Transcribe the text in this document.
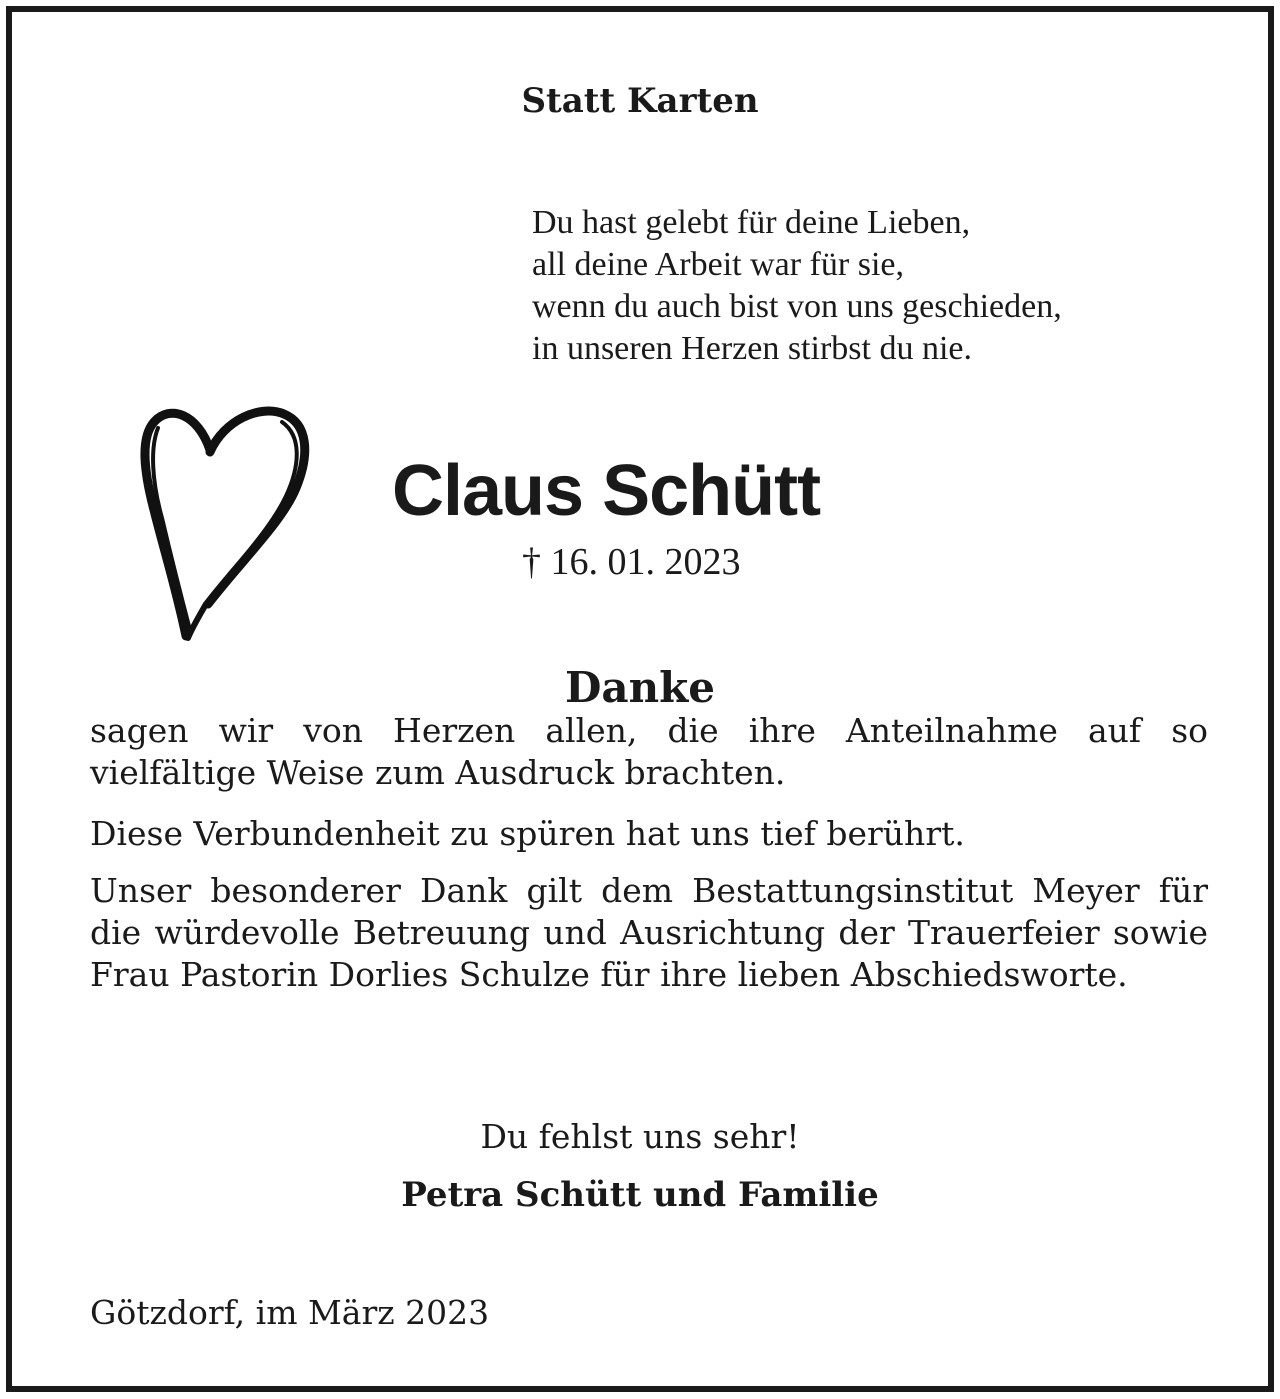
Statt Karten
Du hast gelebt für deine Lieben,
all deine Arbeit war für sie,
wenn du auch bist von uns geschieden,
in unseren Herzen stirbst du nie.
Claus Schütt
† 16. 01. 2023
Danke

sagen wir von Herzen allen, die ihre Anteilnahme auf so vielfältige Weise zum Ausdruck brachten.

Diese Verbundenheit zu spüren hat uns tief berührt.

Unser besonderer Dank gilt dem Bestattungsinstitut Meyer für die würdevolle Betreuung und Ausrichtung der Trauerfeier sowie Frau Pastorin Dorlies Schulze für ihre lieben Abschiedsworte.

Du fehlst uns sehr!
Petra Schütt und Familie
Götzdorf, im März 2023
